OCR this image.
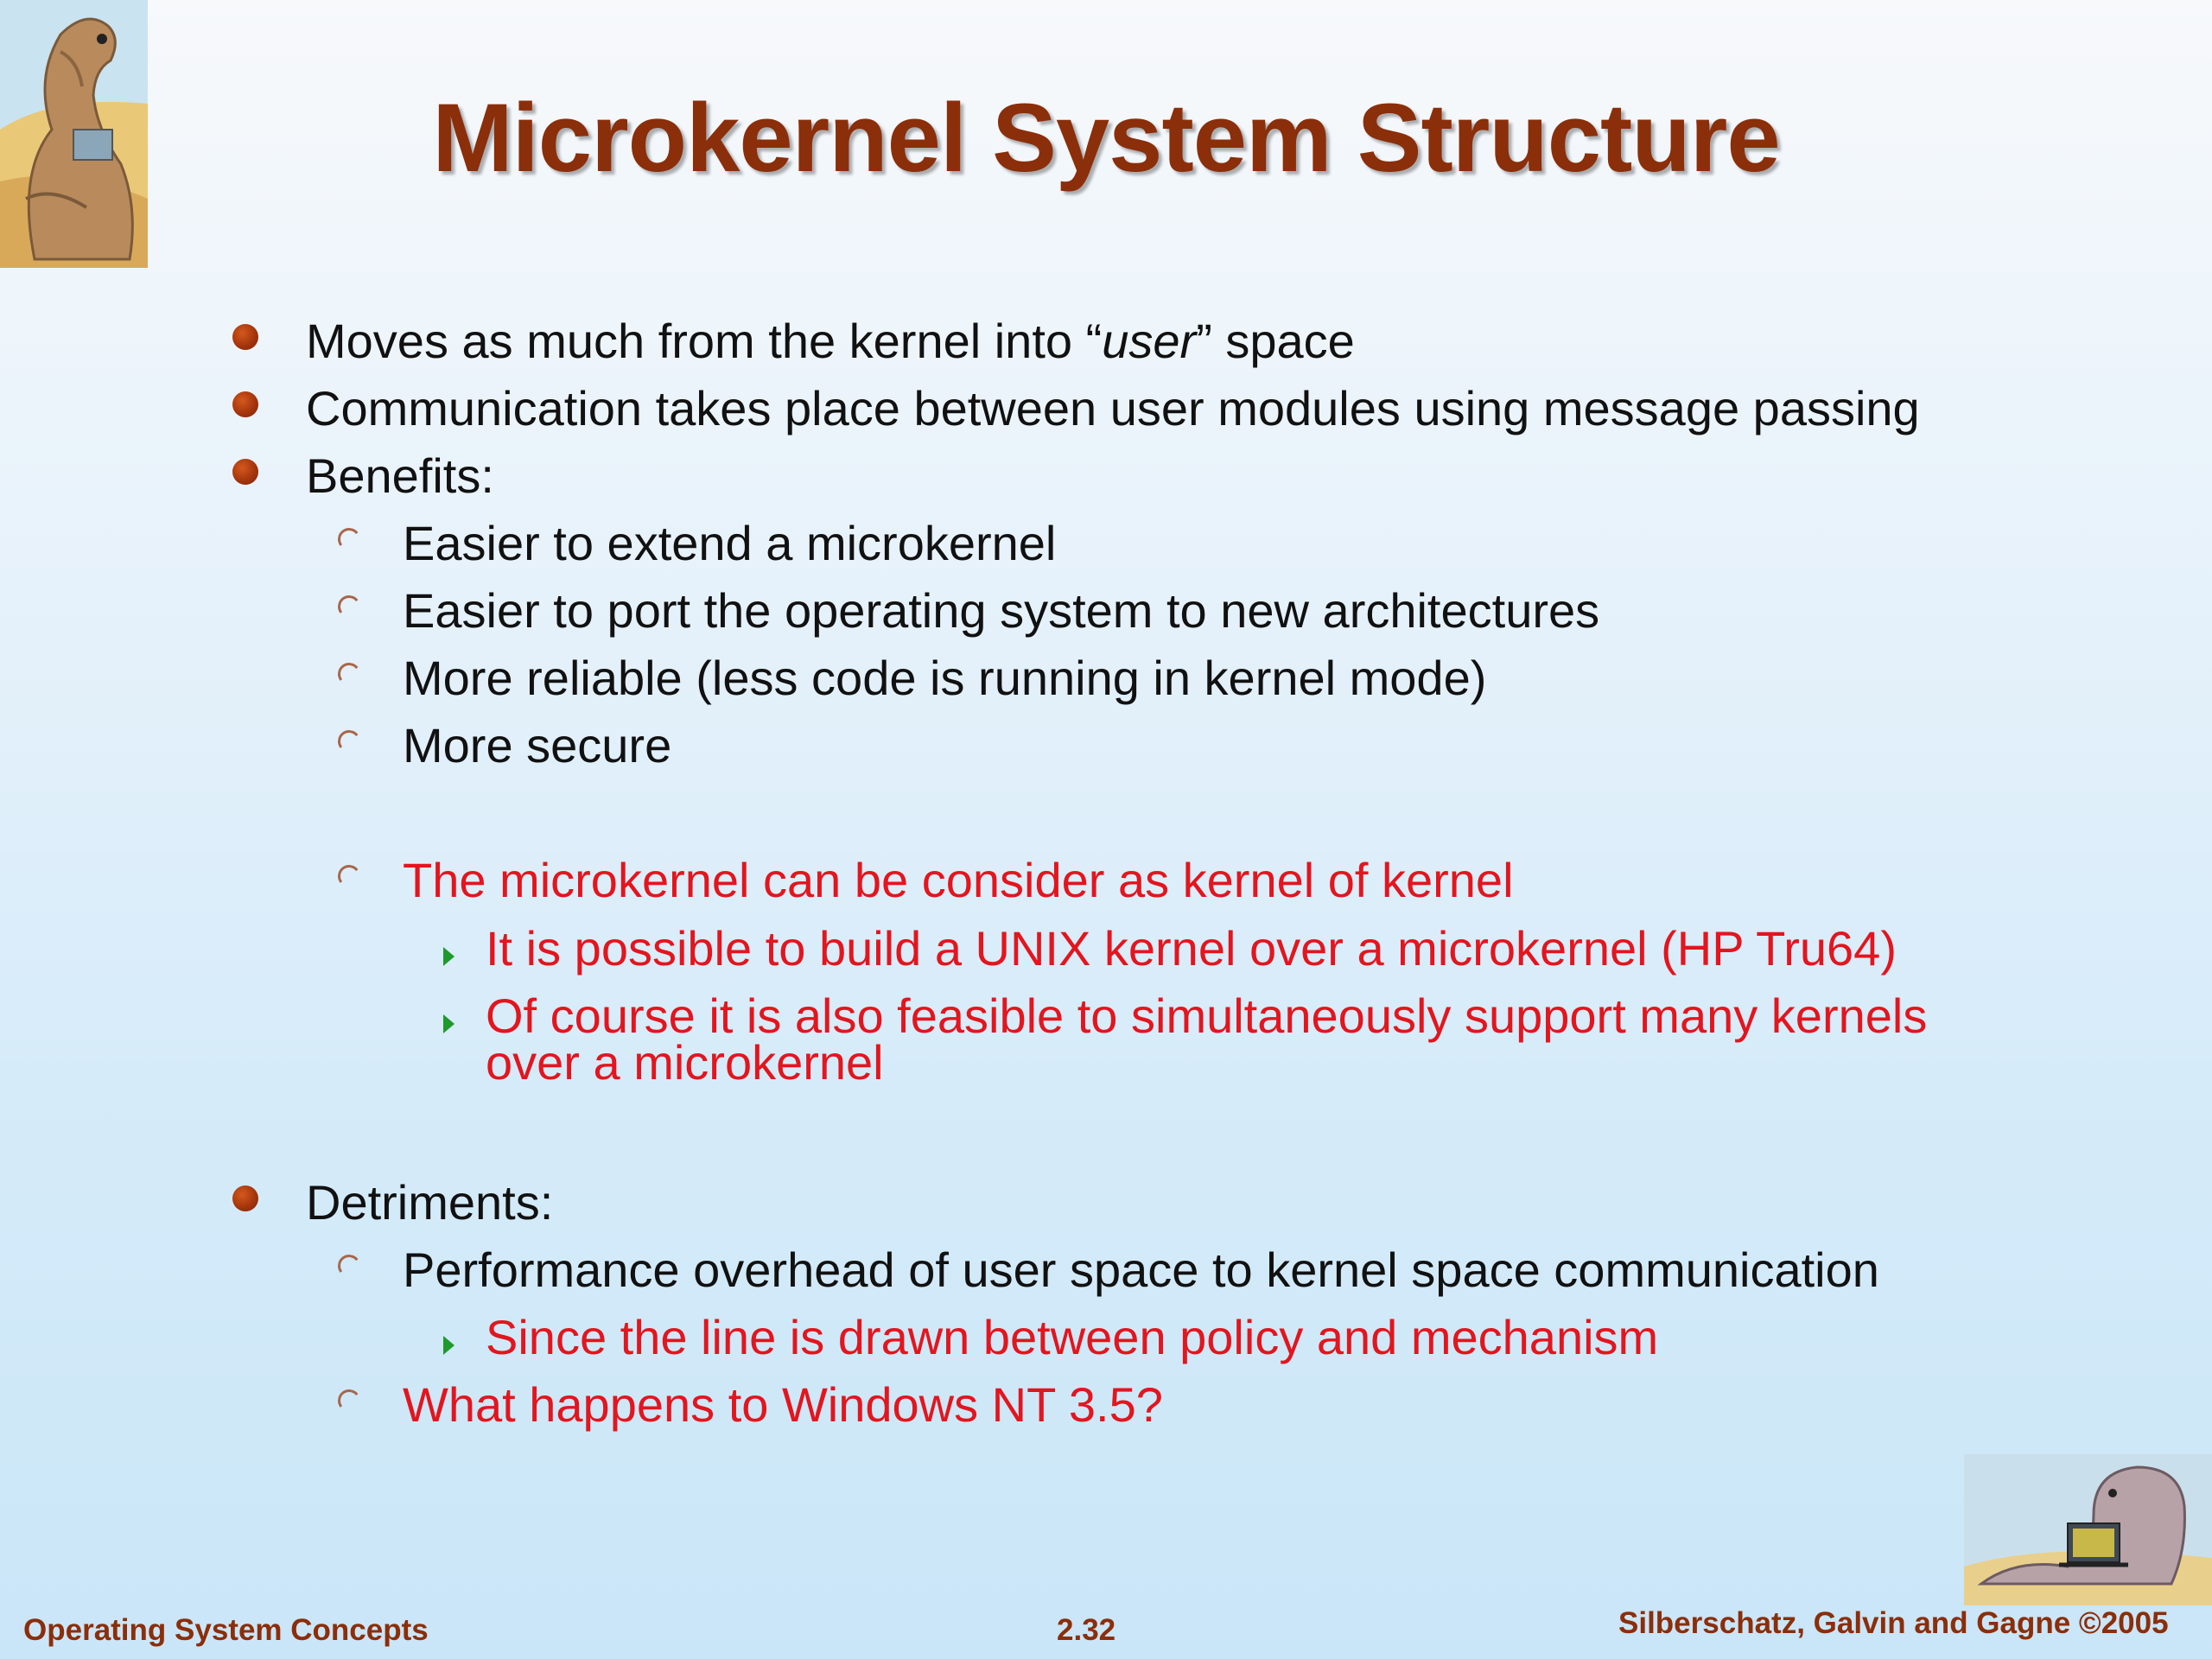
Microkernel System Structure
Moves as much from the kernel into “user” space
Communication takes place between user modules using message passing
Benefits:
Easier to extend a microkernel
Easier to port the operating system to new architectures
More reliable (less code is running in kernel mode)
More secure
The microkernel can be consider as kernel of kernel
It is possible to build a UNIX kernel over a microkernel (HP Tru64)
Of course it is also feasible to simultaneously support many kernels
over a microkernel
Detriments:
Performance overhead of user space to kernel space communication
Since the line is drawn between policy and mechanism
What happens to Windows NT 3.5?
Operating System Concepts	2.32	Silberschatz, Galvin and Gagne ©2005
